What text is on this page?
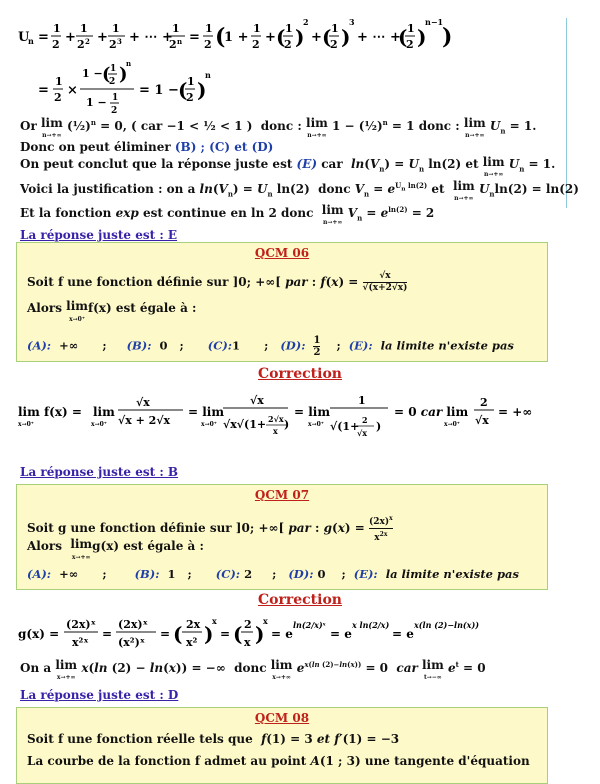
U
n =
1
2 +
1
2 2 +
1
2 3 + ⋯ +
1
2 n =
1
2 (
1 +
1
2 + ( 1
2 )
2
+ ( 1
2 )
3
+ ⋯ +
( 1
2 )
n−1
)
=
1
2 ×
1 − ( 1
2 )
n
1 − 1
2
= 1 − ( 1
2 )
n
Or lim
n→+∞ (½)$^n$ = 0, ( car −1 < ½ < 1 )  donc : lim
n→+∞ 1 − (½)$^n$ = 1 donc : lim
n→+∞ $U_n = 1$.
Donc on peut éliminer (B) ; (C) et (D)
On peut conclut que la réponse juste est (E) car  $\ln(V_n) = U_n$ ln(2) et lim
n→+∞ $U_n = 1$.
Voici la justification : on a $\ln(V_n) = U_n$ ln(2)  donc $V_n = e^{U_n ln(2)}$ et  lim
n→+∞ $U_n\ln(2) = \ln(2)$
Et la fonction exp est continue en ln 2 donc  lim
n→+∞ $V_n = e^{ln(2)} = 2$
La réponse juste est : E
QCM 06
Soit f une fonction définie sur ]0; +∞[ par : f(x) =	√x
√(x+2√x)
Alors lim
x→0⁺f(x) est égale à :
(A): +∞      ;     (B): 0   ;      (C):1      ;   (D): 1
2    ;  (E): la limite n'existe pas
Correction
lim f(x) =
x→0⁺
lim
x→0⁺
√x
√x + 2√x
= lim
x→0⁺
√x
√x√(1+ 2√x
x )
= lim
x→0⁺
1
√(1+ 2
√x )
= 0 car lim
x→0⁺
2
√x
= +∞
La réponse juste est : B
QCM 07
Soit g une fonction définie sur ]0; +∞[ par : $g(x) = (2x)^x$
$x^{2x}$
Alors  lim
x→+∞g(x) est égale à :
(A): +∞      ;       (B): 1   ;      (C): 2     ;   (D): 0    ;  (E): la limite n'existe pas
Correction
g(x) =
(2x)ˣ
x²ˣ
=
(2x)ˣ
(x²)ˣ
= ( 2x
x² )
x
= ( 2
x )
x
= e
ln(2/x)ˣ
= e
x ln(2/x)
= e
x(ln (2)−ln(x))
On a lim
x→+∞ x(ln (2) − ln(x)) = −∞  donc lim
x→+∞ $e^{x(ln (2)-ln(x))} = 0$  car lim
t→−∞ $e^t = 0$
La réponse juste est : D
QCM 08
Soit f une fonction réelle tels que  f(1) = 3 et f′(1) = −3
La courbe de la fonction f admet au point A(1 ; 3) une tangente d'équation
